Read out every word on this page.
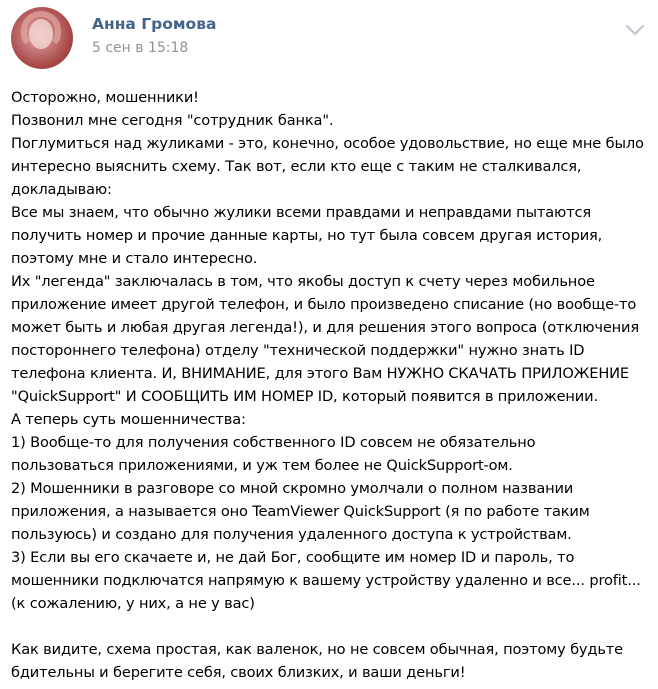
Анна Громова
5 сен в 15:18

Осторожно, мошенники!

Позвонил мне сегодня "сотрудник банка".

Поглумиться над жуликами - это, конечно, особое удовольствие, но еще мне было
интересно выяснить схему. Так вот, если кто еще с таким не сталкивался,
докладываю:

Все мы знаем, что обычно жулики всеми правдами и неправдами пытаются
получить номер и прочие данные карты, но тут была совсем другая история,
поэтому мне и стало интересно.

Их "легенда" заключалась в том, что якобы доступ к счету через мобильное
приложение имеет другой телефон, и было произведено списание (но вообще-то
может быть и любая другая легенда!), и для решения этого вопроса (отключения
постороннего телефона) отделу "технической поддержки" нужно знать ID
телефона клиента. И, ВНИМАНИЕ, для этого Вам НУЖНО СКАЧАТЬ ПРИЛОЖЕНИЕ
"QuickSupport" И СООБЩИТЬ ИМ НОМЕР ID, который появится в приложении.

А теперь суть мошенничества:

1) Вообще-то для получения собственного ID совсем не обязательно
пользоваться приложениями, и уж тем более не QuickSupport-ом.

2) Мошенники в разговоре со мной скромно умолчали о полном названии
приложения, а называется оно TeamViewer QuickSupport (я по работе таким
пользуюсь) и создано для получения удаленного доступа к устройствам.

3) Если вы его скачаете и, не дай Бог, сообщите им номер ID и пароль, то
мошенники подключатся напрямую к вашему устройству удаленно и все... profit...
(к сожалению, у них, а не у вас)

Как видите, схема простая, как валенок, но не совсем обычная, поэтому будьте
бдительны и берегите себя, своих близких, и ваши деньги!
